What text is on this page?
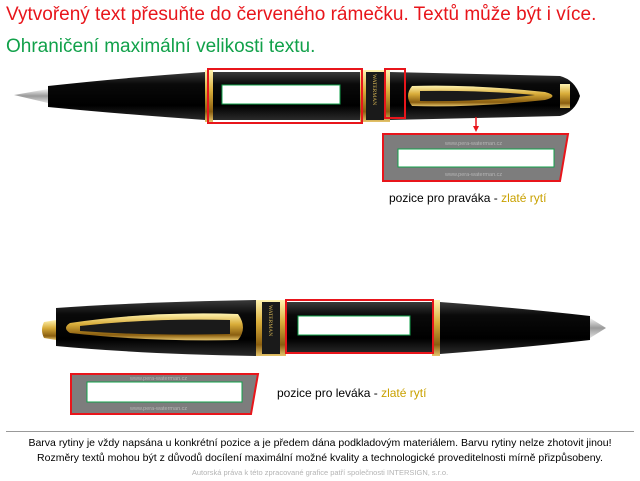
Vytvořený text přesuňte do červeného rámečku. Textů může být i více.
Ohraničení maximální velikosti textu.
WATERMAN
www.pera-waterman.cz
www.pera-waterman.cz
WATERMAN
www.pera-waterman.cz
www.pera-waterman.cz
pozice pro praváka - zlaté rytí
pozice pro leváka - zlaté rytí
Barva rytiny je vždy napsána u konkrétní pozice a je předem dána podkladovým materiálem. Barvu rytiny nelze zhotovit jinou!
Rozměry textů mohou být z důvodů docílení maximální možné kvality a technologické proveditelnosti mírně přizpůsobeny.
Autorská práva k této zpracované grafice patří společnosti INTERSIGN, s.r.o.
